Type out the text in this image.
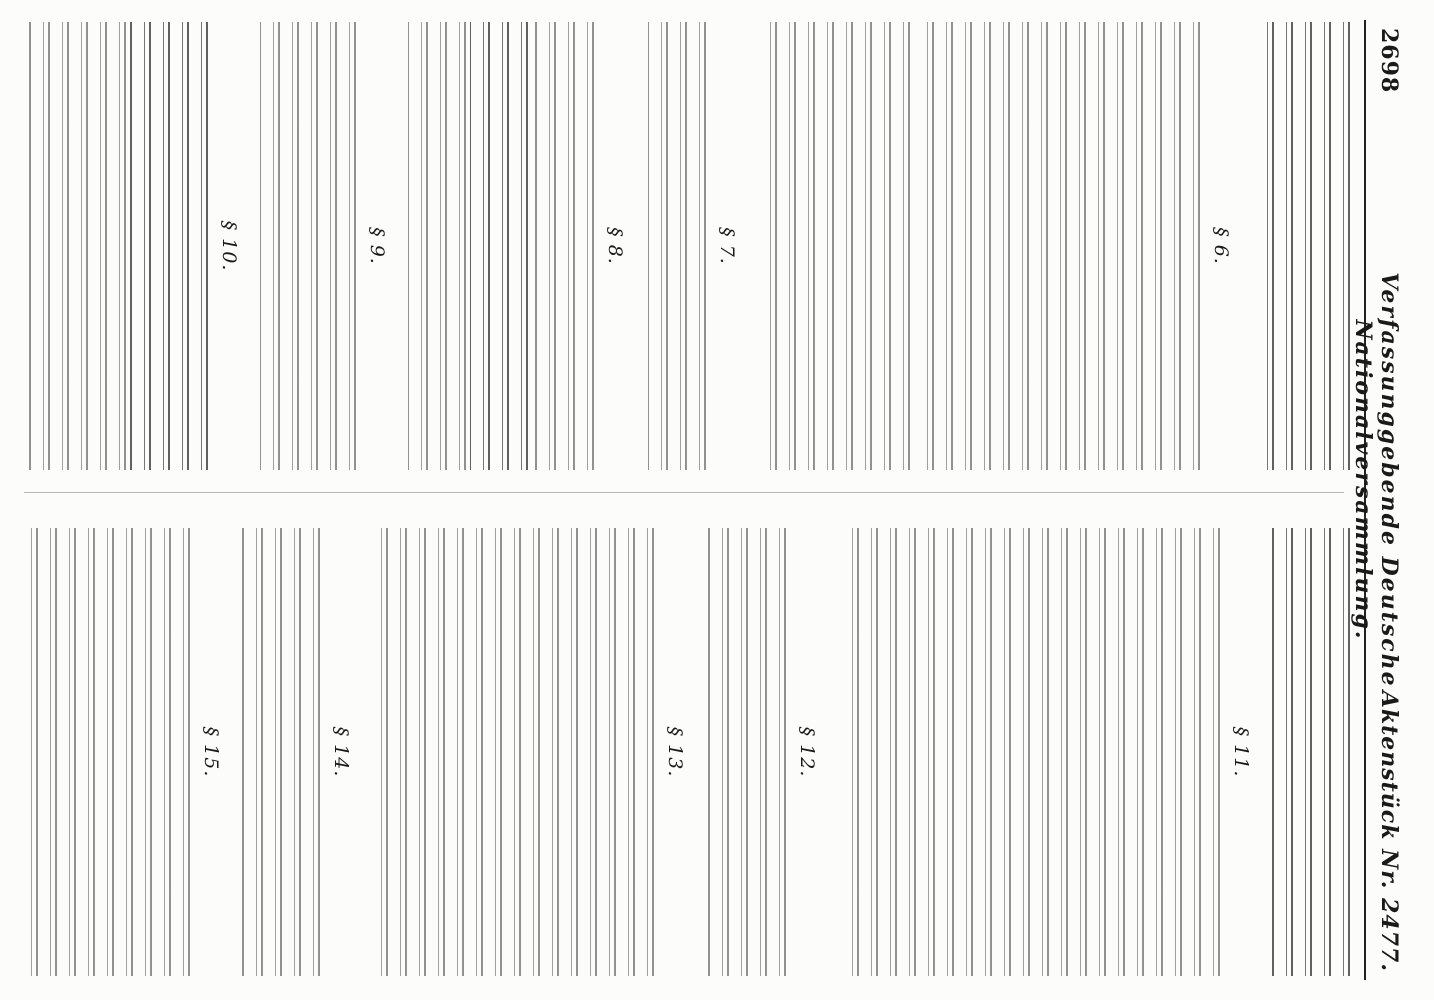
2698
Verfassunggebende Deutsche Nationalversammlung.
Aktenstück Nr. 2477.
§ 6.
§ 7.
§ 8.
§ 9.
§ 10.
§ 11.
§ 12.
§ 13.
§ 14.
§ 15.
